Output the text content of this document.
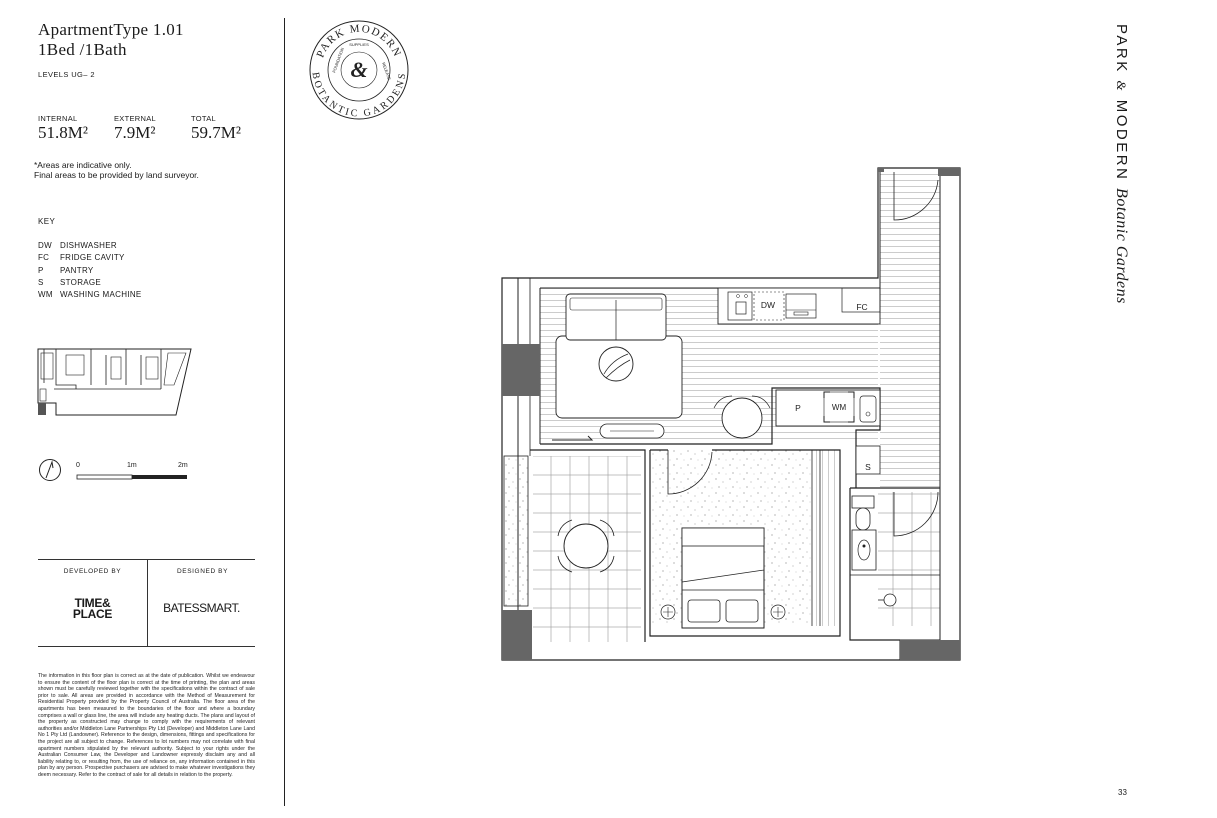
ApartmentType 1.01
1Bed /1Bath
LEVELS UG– 2
INTERNAL
51.8M²
EXTERNAL
7.9M²
TOTAL
59.7M²
*Areas are indicative only.
Final areas to be provided by land surveyor.
KEY
DW DISHWASHER
FC FRIDGE CAVITY
P PANTRY
S STORAGE
WM WASHING MACHINE
0	1m	2m
DEVELOPED BY	DESIGNED BY
TIME&
PLACE	BATESSMART.
The information in this floor plan is correct as at the date of publication. Whilst we endeavour to ensure the content of the floor plan is correct at the time of printing, the plan and areas shown must be carefully reviewed together with the specifications within the contract of sale prior to sale. All areas are provided in accordance with the Method of Measurement for Residential Property provided by the Property Council of Australia. The floor area of the apartments has been measured to the boundaries of the floor and where a boundary comprises a wall or glass line, the area will include any heating ducts. The plans and layout of the property as constructed may change to comply with the requirements of relevant authorities and/or Middleton Lane Partnerships Pty Ltd (Developer) and Middleton Lane Land No 1 Pty Ltd (Landowner). Reference to the design, dimensions, fittings and specifications for the project are all subject to change. References to lot numbers may not correlate with final apartment numbers stipulated by the relevant authority. Subject to your rights under the Australian Consumer Law, the Developer and Landowner expressly disclaim any and all liability relating to, or resulting from, the use of reliance on, any information contained in this plan by any person. Prospective purchasers are advised to make whatever investigations they deem necessary. Refer to the contract of sale for all details in relation to the property.
PARK MODERN
BOTANTIC GARDENS
&
SUPPLIES
FOUNDATION	RELEASE
DW	FC
P	WM
S
PARK & MODERN Botanic Gardens
33
